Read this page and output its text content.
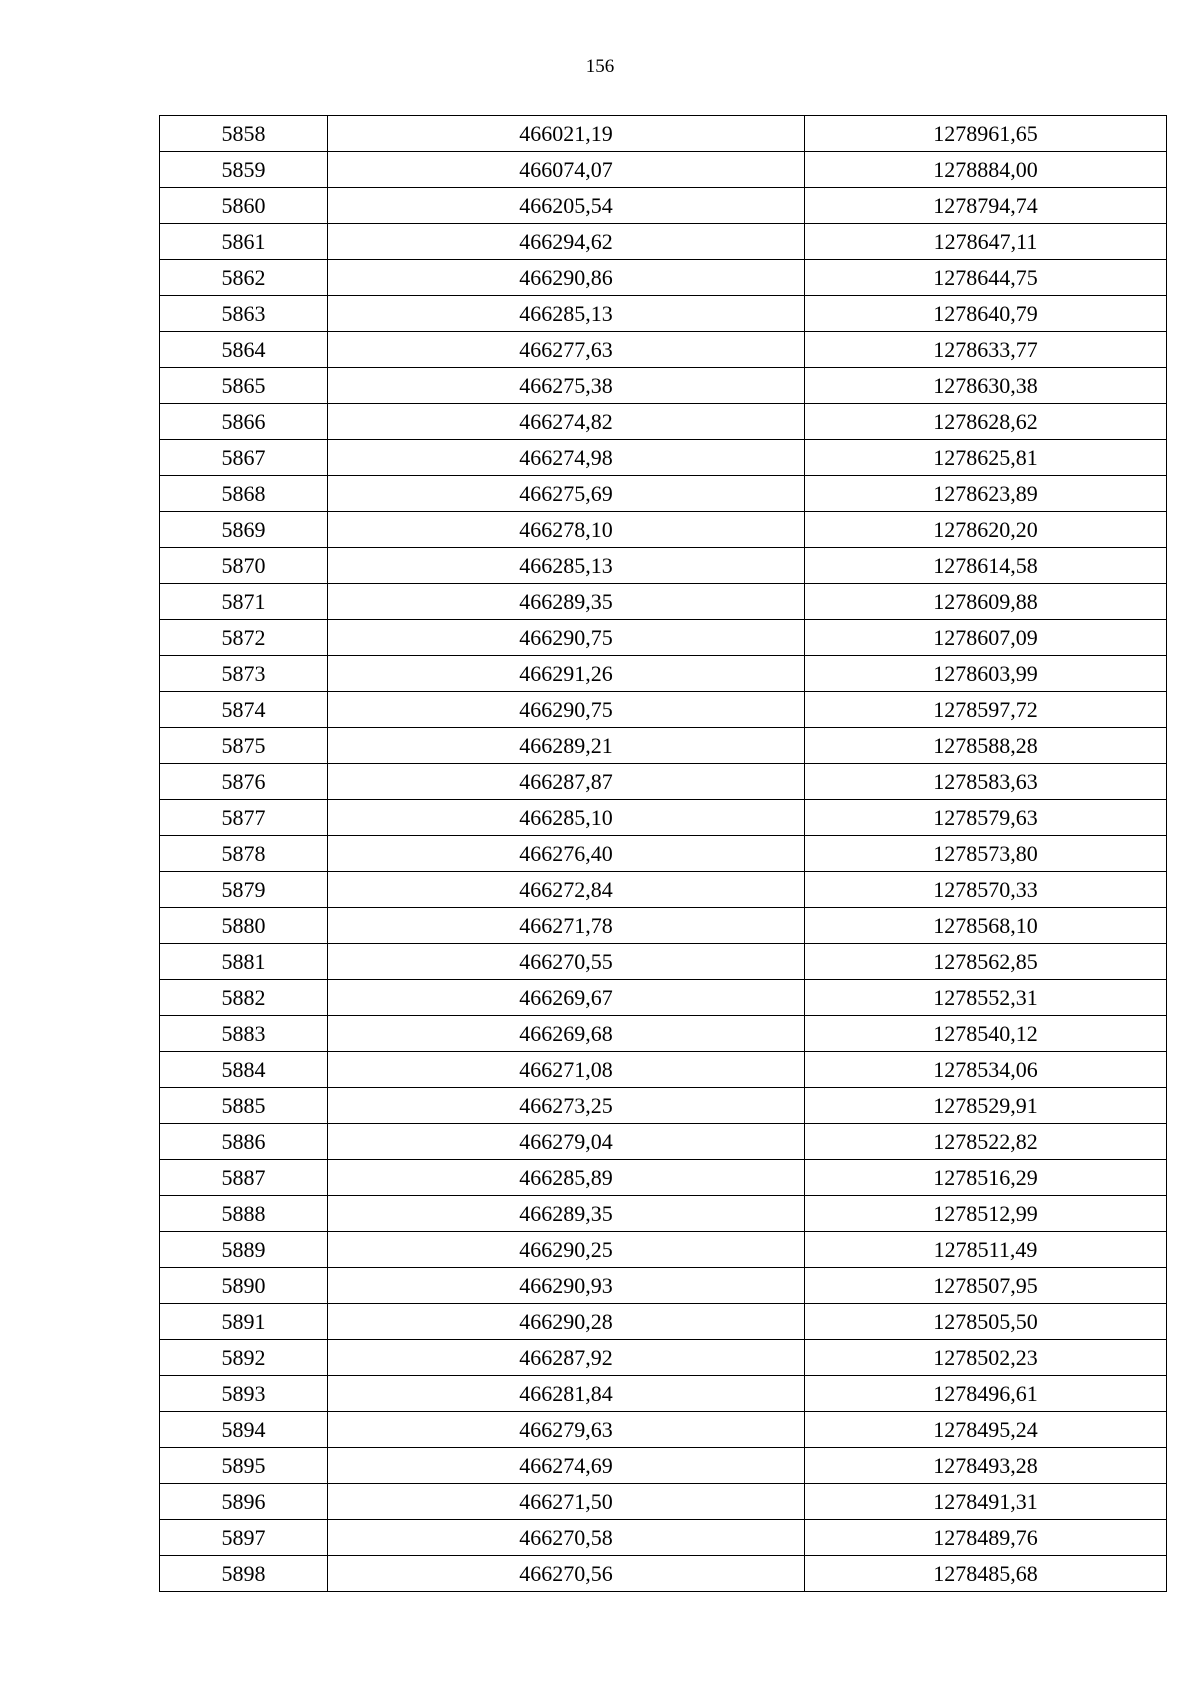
156
5858	466021,19	1278961,65
5859	466074,07	1278884,00
5860	466205,54	1278794,74
5861	466294,62	1278647,11
5862	466290,86	1278644,75
5863	466285,13	1278640,79
5864	466277,63	1278633,77
5865	466275,38	1278630,38
5866	466274,82	1278628,62
5867	466274,98	1278625,81
5868	466275,69	1278623,89
5869	466278,10	1278620,20
5870	466285,13	1278614,58
5871	466289,35	1278609,88
5872	466290,75	1278607,09
5873	466291,26	1278603,99
5874	466290,75	1278597,72
5875	466289,21	1278588,28
5876	466287,87	1278583,63
5877	466285,10	1278579,63
5878	466276,40	1278573,80
5879	466272,84	1278570,33
5880	466271,78	1278568,10
5881	466270,55	1278562,85
5882	466269,67	1278552,31
5883	466269,68	1278540,12
5884	466271,08	1278534,06
5885	466273,25	1278529,91
5886	466279,04	1278522,82
5887	466285,89	1278516,29
5888	466289,35	1278512,99
5889	466290,25	1278511,49
5890	466290,93	1278507,95
5891	466290,28	1278505,50
5892	466287,92	1278502,23
5893	466281,84	1278496,61
5894	466279,63	1278495,24
5895	466274,69	1278493,28
5896	466271,50	1278491,31
5897	466270,58	1278489,76
5898	466270,56	1278485,68
